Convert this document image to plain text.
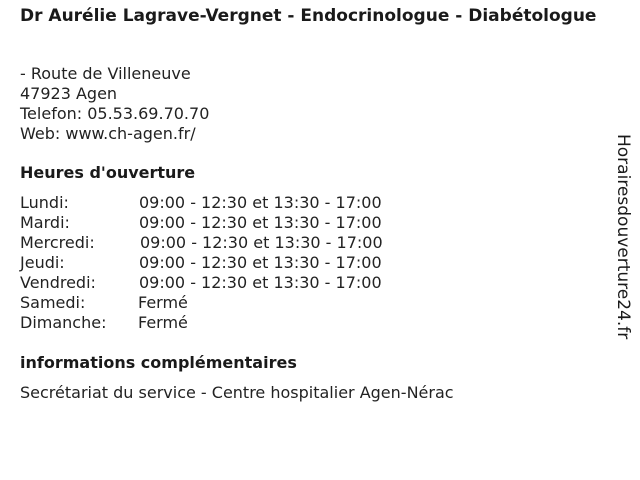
Dr Aurélie Lagrave-Vergnet - Endocrinologue - Diabétologue
- Route de Villeneuve
47923 Agen
Telefon: 05.53.69.70.70
Web: www.ch-agen.fr/
Heures d'ouverture
Lundi:	09:00 - 12:30 et 13:30 - 17:00
Mardi:	09:00 - 12:30 et 13:30 - 17:00
Mercredi:	09:00 - 12:30 et 13:30 - 17:00
Jeudi:	09:00 - 12:30 et 13:30 - 17:00
Vendredi:	09:00 - 12:30 et 13:30 - 17:00
Samedi:	Fermé
Dimanche: Fermé
informations complémentaires
Secrétariat du service - Centre hospitalier Agen-Nérac
Horairesdouverture24.fr
